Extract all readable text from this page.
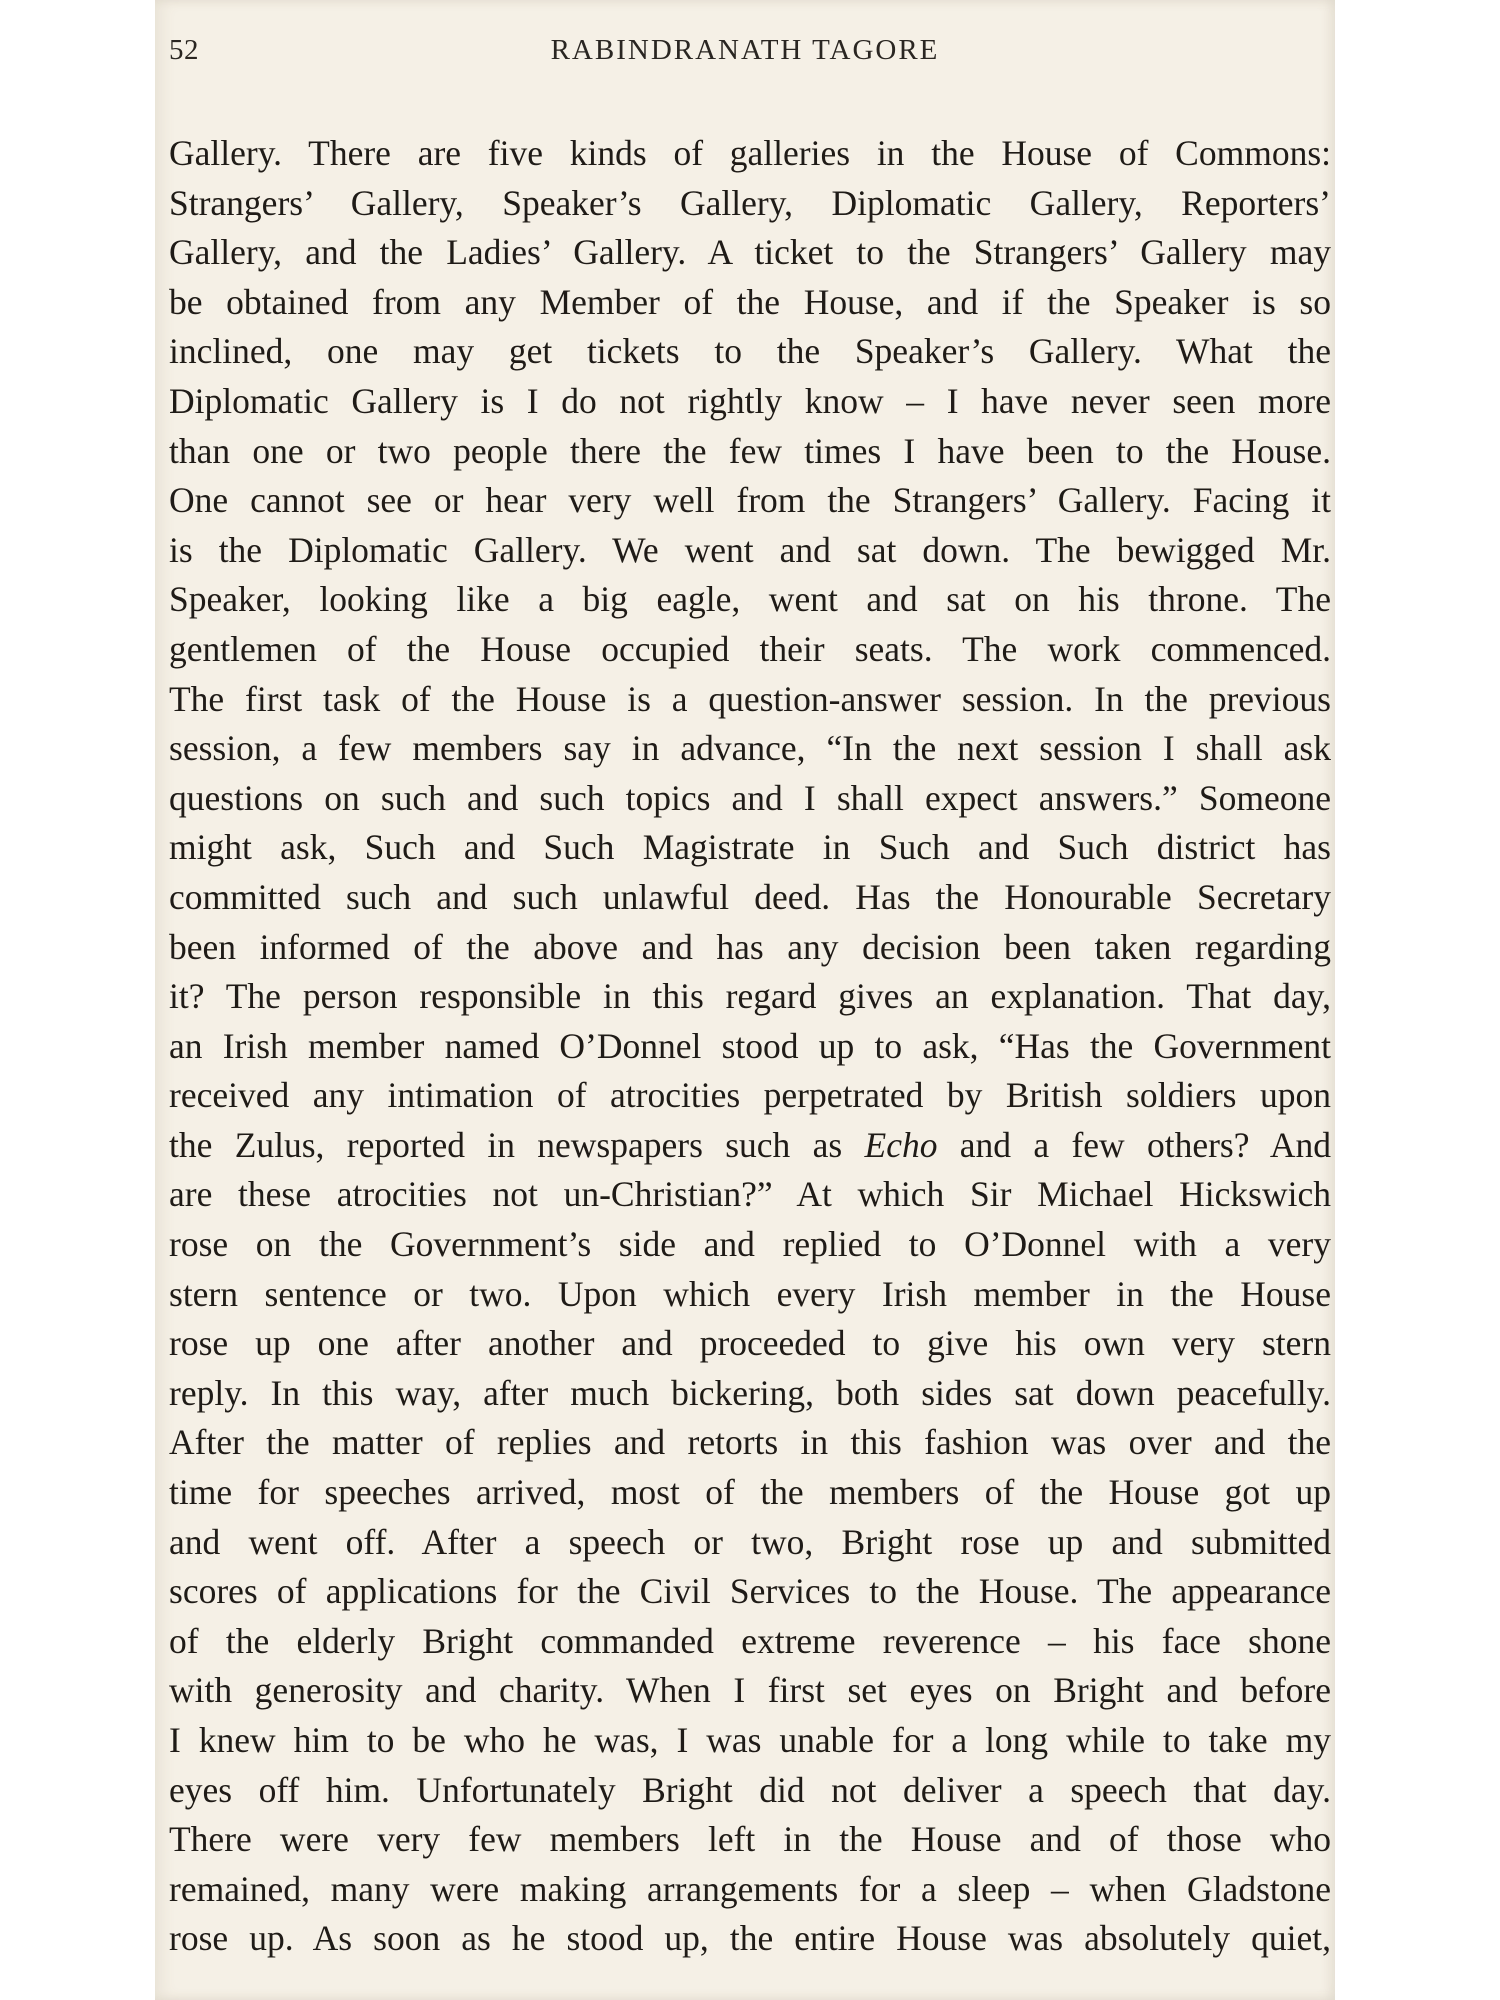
52	RABINDRANATH TAGORE
Gallery. There are five kinds of galleries in the House of Commons:
Strangers’ Gallery, Speaker’s Gallery, Diplomatic Gallery, Reporters’
Gallery, and the Ladies’ Gallery. A ticket to the Strangers’ Gallery may
be obtained from any Member of the House, and if the Speaker is so
inclined, one may get tickets to the Speaker’s Gallery. What the
Diplomatic Gallery is I do not rightly know – I have never seen more
than one or two people there the few times I have been to the House.
One cannot see or hear very well from the Strangers’ Gallery. Facing it
is the Diplomatic Gallery. We went and sat down. The bewigged Mr.
Speaker, looking like a big eagle, went and sat on his throne. The
gentlemen of the House occupied their seats. The work commenced.
The first task of the House is a question-answer session. In the previous
session, a few members say in advance, “In the next session I shall ask
questions on such and such topics and I shall expect answers.” Someone
might ask, Such and Such Magistrate in Such and Such district has
committed such and such unlawful deed. Has the Honourable Secretary
been informed of the above and has any decision been taken regarding
it? The person responsible in this regard gives an explanation. That day,
an Irish member named O’Donnel stood up to ask, “Has the Government
received any intimation of atrocities perpetrated by British soldiers upon
the Zulus, reported in newspapers such as Echo and a few others? And
are these atrocities not un-Christian?” At which Sir Michael Hickswich
rose on the Government’s side and replied to O’Donnel with a very
stern sentence or two. Upon which every Irish member in the House
rose up one after another and proceeded to give his own very stern
reply. In this way, after much bickering, both sides sat down peacefully.
After the matter of replies and retorts in this fashion was over and the
time for speeches arrived, most of the members of the House got up
and went off. After a speech or two, Bright rose up and submitted
scores of applications for the Civil Services to the House. The appearance
of the elderly Bright commanded extreme reverence – his face shone
with generosity and charity. When I first set eyes on Bright and before
I knew him to be who he was, I was unable for a long while to take my
eyes off him. Unfortunately Bright did not deliver a speech that day.
There were very few members left in the House and of those who
remained, many were making arrangements for a sleep – when Gladstone
rose up. As soon as he stood up, the entire House was absolutely quiet,
